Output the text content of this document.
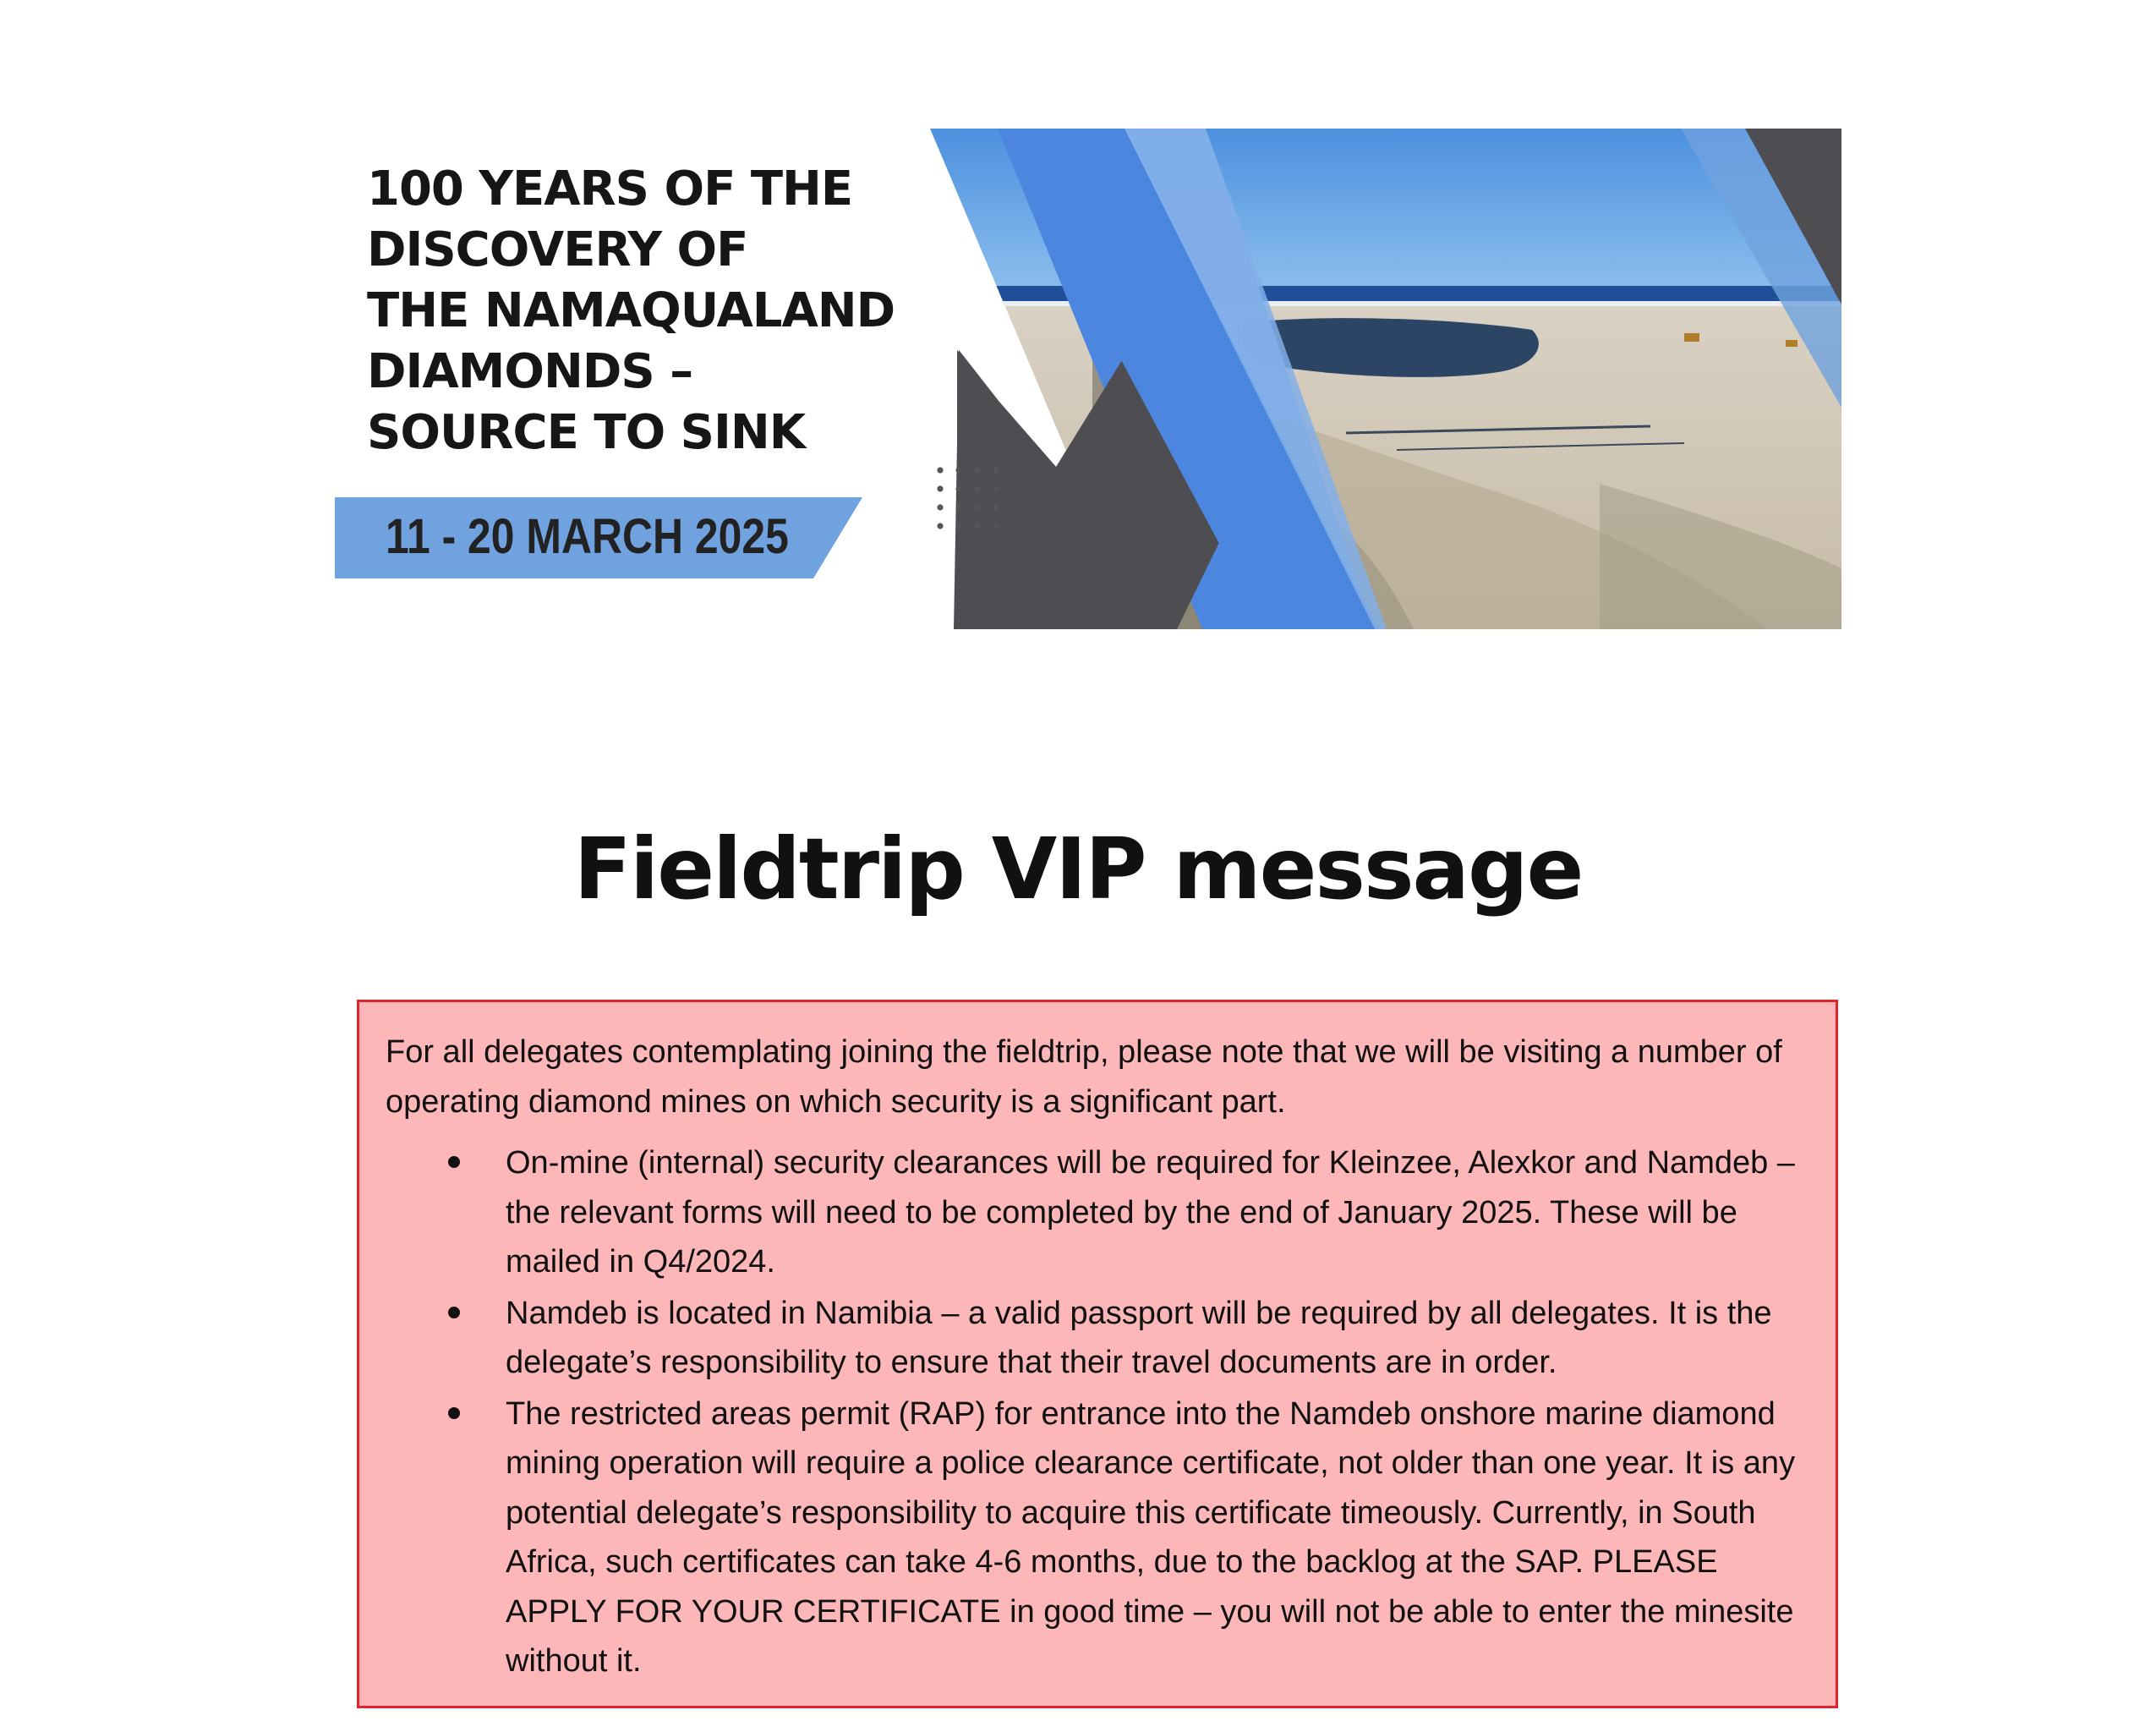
100 YEARS OF THE
DISCOVERY OF
THE NAMAQUALAND
DIAMONDS –
SOURCE TO SINK
11 - 20 MARCH 2025
Fieldtrip VIP message

For all delegates contemplating joining the fieldtrip, please note that we will be visiting a number of operating diamond mines on which security is a significant part.

On-mine (internal) security clearances will be required for Kleinzee, Alexkor and Namdeb – the relevant forms will need to be completed by the end of January 2025. These will be mailed in Q4/2024.
Namdeb is located in Namibia – a valid passport will be required by all delegates. It is the delegate’s responsibility to ensure that their travel documents are in order.
The restricted areas permit (RAP) for entrance into the Namdeb onshore marine diamond mining operation will require a police clearance certificate, not older than one year. It is any potential delegate’s responsibility to acquire this certificate timeously. Currently, in South Africa, such certificates can take 4-6 months, due to the backlog at the SAP. PLEASE APPLY FOR YOUR CERTIFICATE in good time – you will not be able to enter the minesite without it.
